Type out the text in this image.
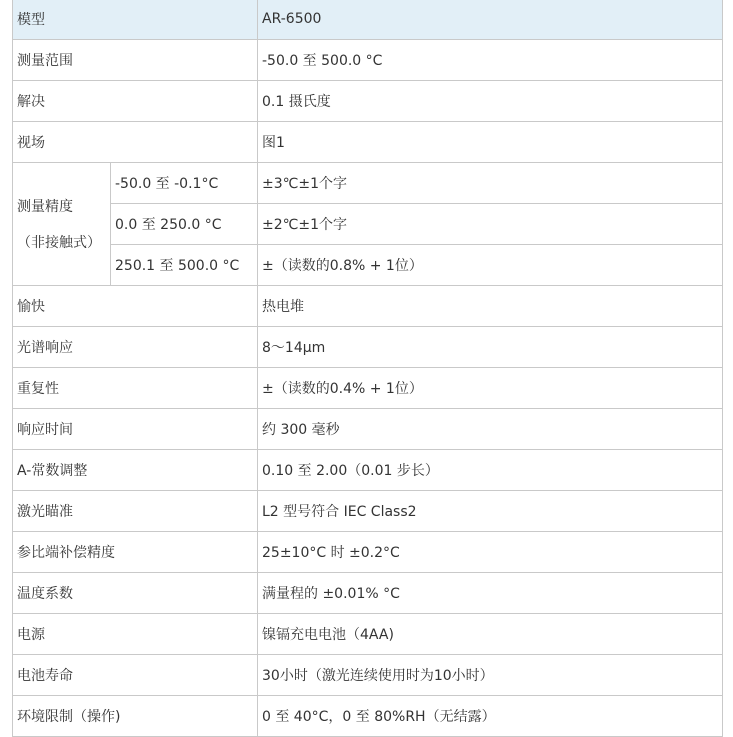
模型		AR-6500
测量范围		-50.0 至 500.0 °C
解决		0.1 摄氏度
视场		图1

测量精度
（非接触式）	-50.0 至 -0.1°C	±3℃±1个字
	0.0 至 250.0 °C	±2℃±1个字
	250.1 至 500.0 °C	±（读数的0.8% + 1位）
愉快		热电堆
光谱响应		8～14μm
重复性		±（读数的0.4% + 1位）
响应时间		约 300 毫秒
A-常数调整		0.10 至 2.00（0.01 步长）
激光瞄准		L2 型号符合 IEC Class2
参比端补偿精度		25±10°C 时 ±0.2°C
温度系数		满量程的 ±0.01% °C
电源		镍镉充电电池（4AA)
电池寿命		30小时（激光连续使用时为10小时）
环境限制（操作)		0 至 40°C，0 至 80%RH（无结露）
